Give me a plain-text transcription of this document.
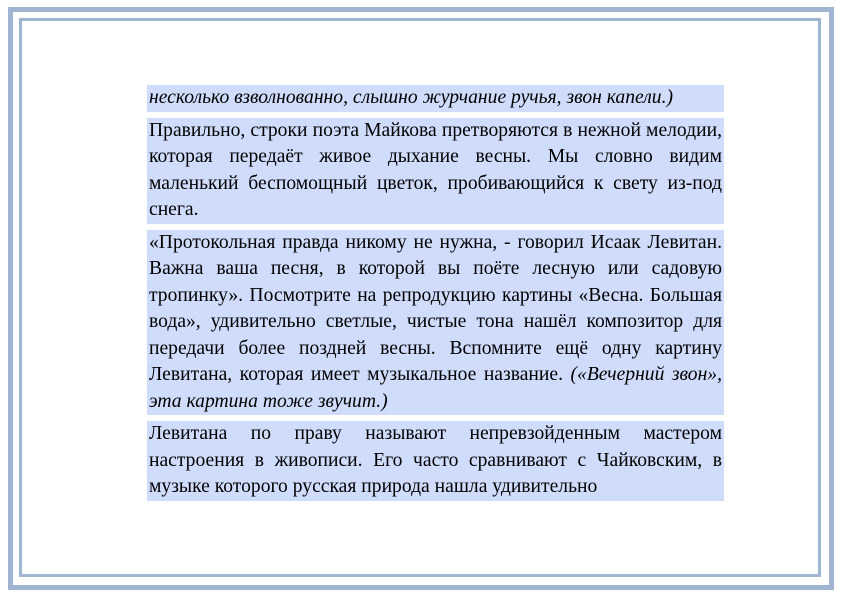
несколько взволнованно, слышно журчание ручья, звон капели.)

Правильно, строки поэта Майкова претворяются в нежной мелодии, которая передаёт живое дыхание весны. Мы словно видим маленький беспомощный цветок, пробивающийся к свету из-под снега.

«Протокольная правда никому не нужна, - говорил Исаак Левитан. Важна ваша песня, в которой вы поёте лесную или садовую тропинку». Посмотрите на репродукцию картины «Весна. Большая вода», удивительно светлые, чистые тона нашёл композитор для передачи более поздней весны. Вспомните ещё одну картину Левитана, которая имеет музыкальное название. («Вечерний звон», эта картина тоже звучит.)

Левитана по праву называют непревзойденным мастером настроения в живописи. Его часто сравнивают с Чайковским, в музыке которого русская природа нашла удивительно
